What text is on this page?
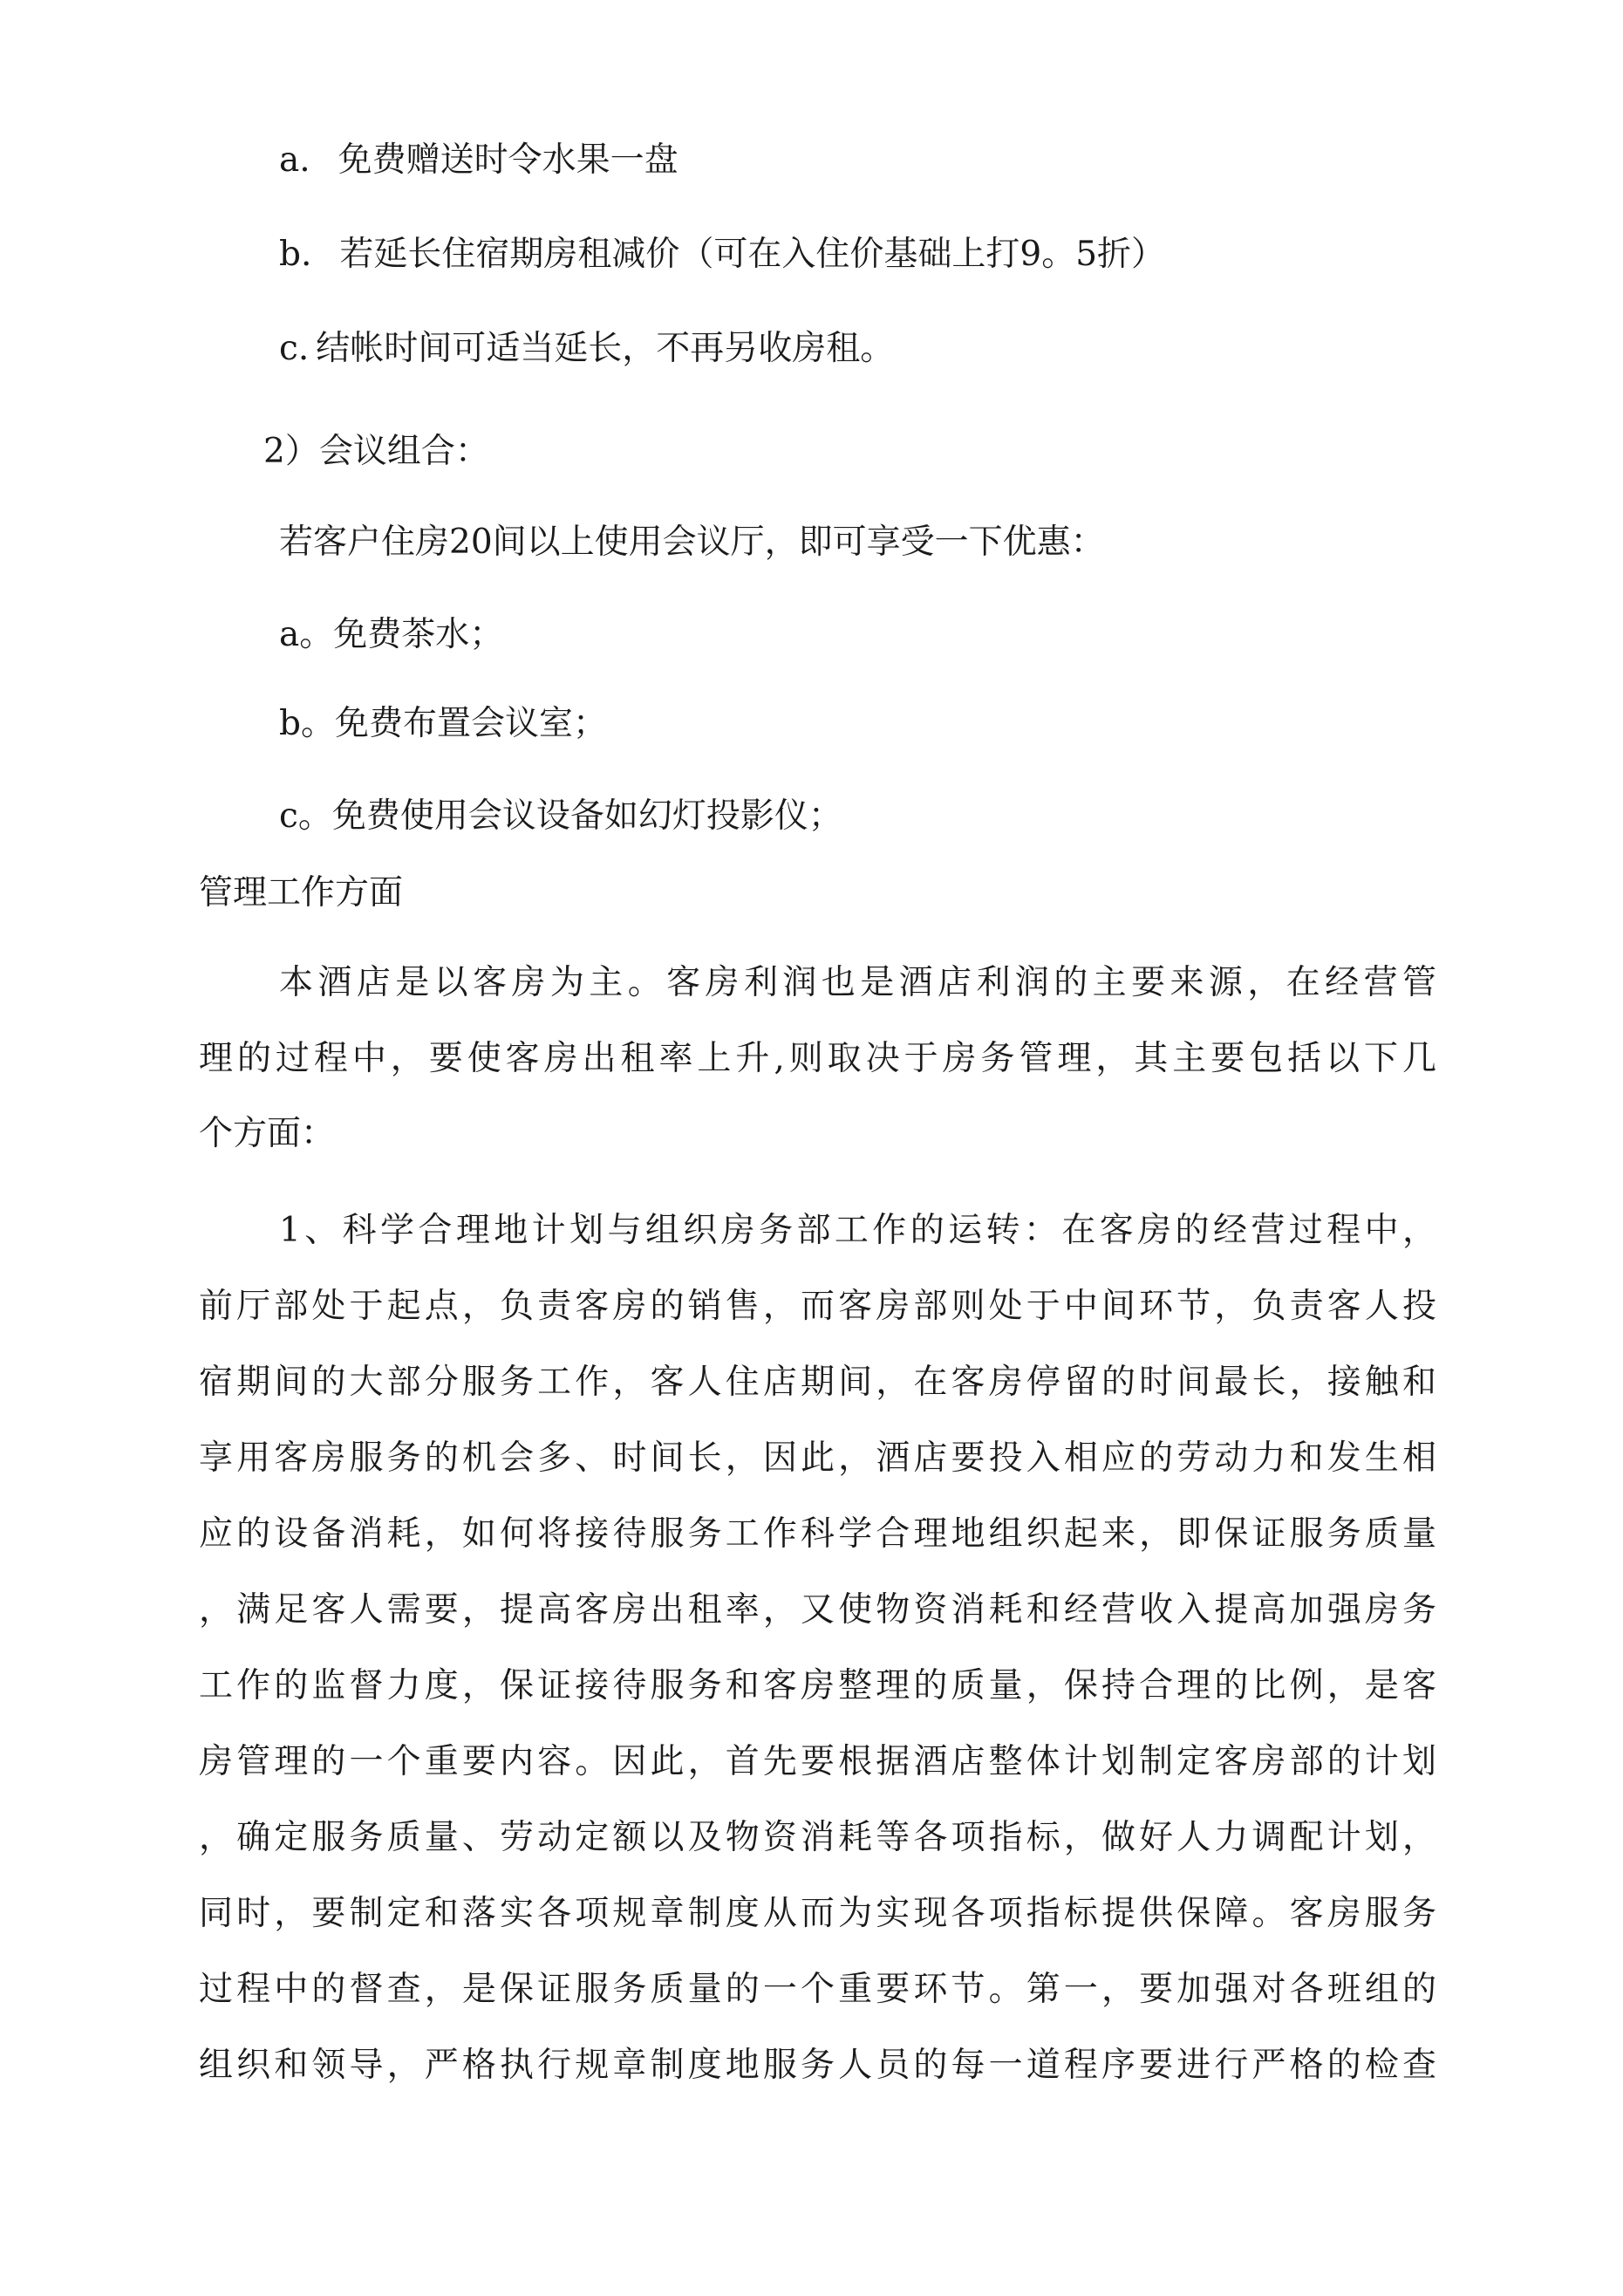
a. 免费赠送时令水果一盘

b. 若延长住宿期房租减价（可在入住价基础上打9。5折）

c. 结帐时间可适当延长，不再另收房租。

2）会议组合：

若客户住房20间以上使用会议厅，即可享受一下优惠：

a。免费茶水；

b。免费布置会议室；

c。免费使用会议设备如幻灯投影仪；

管理工作方面

本酒店是以客房为主。客房利润也是酒店利润的主要来源，在经营管

理的过程中，要使客房出租率上升,则取决于房务管理，其主要包括以下几

个方面：

1、科学合理地计划与组织房务部工作的运转：在客房的经营过程中，

前厅部处于起点，负责客房的销售，而客房部则处于中间环节，负责客人投

宿期间的大部分服务工作，客人住店期间，在客房停留的时间最长，接触和

享用客房服务的机会多、时间长，因此，酒店要投入相应的劳动力和发生相

应的设备消耗，如何将接待服务工作科学合理地组织起来，即保证服务质量

，满足客人需要，提高客房出租率，又使物资消耗和经营收入提高加强房务

工作的监督力度，保证接待服务和客房整理的质量，保持合理的比例，是客

房管理的一个重要内容。因此，首先要根据酒店整体计划制定客房部的计划

，确定服务质量、劳动定额以及物资消耗等各项指标，做好人力调配计划，

同时，要制定和落实各项规章制度从而为实现各项指标提供保障。客房服务

过程中的督查，是保证服务质量的一个重要环节。第一，要加强对各班组的

组织和领导，严格执行规章制度地服务人员的每一道程序要进行严格的检查
